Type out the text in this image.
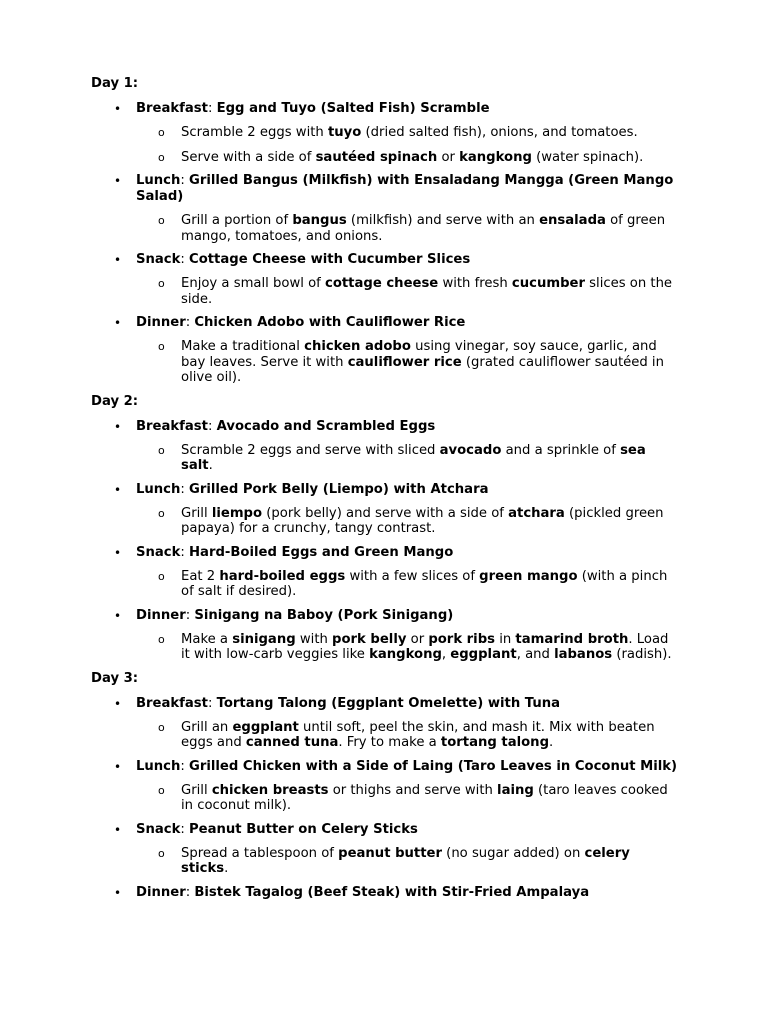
Day 1:
• Breakfast: Egg and Tuyo (Salted Fish) Scramble
o Scramble 2 eggs with tuyo (dried salted fish), onions, and tomatoes.
o Serve with a side of sautéed spinach or kangkong (water spinach).
• Lunch: Grilled Bangus (Milkfish) with Ensaladang Mangga (Green Mango Salad)
o Grill a portion of bangus (milkfish) and serve with an ensalada of green mango, tomatoes, and onions.
• Snack: Cottage Cheese with Cucumber Slices
o Enjoy a small bowl of cottage cheese with fresh cucumber slices on the side.
• Dinner: Chicken Adobo with Cauliflower Rice
o Make a traditional chicken adobo using vinegar, soy sauce, garlic, and bay leaves. Serve it with cauliflower rice (grated cauliflower sautéed in olive oil).
Day 2:
• Breakfast: Avocado and Scrambled Eggs
o Scramble 2 eggs and serve with sliced avocado and a sprinkle of sea salt.
• Lunch: Grilled Pork Belly (Liempo) with Atchara
o Grill liempo (pork belly) and serve with a side of atchara (pickled green papaya) for a crunchy, tangy contrast.
• Snack: Hard-Boiled Eggs and Green Mango
o Eat 2 hard-boiled eggs with a few slices of green mango (with a pinch of salt if desired).
• Dinner: Sinigang na Baboy (Pork Sinigang)
o Make a sinigang with pork belly or pork ribs in tamarind broth. Load it with low-carb veggies like kangkong, eggplant, and labanos (radish).
Day 3:
• Breakfast: Tortang Talong (Eggplant Omelette) with Tuna
o Grill an eggplant until soft, peel the skin, and mash it. Mix with beaten eggs and canned tuna. Fry to make a tortang talong.
• Lunch: Grilled Chicken with a Side of Laing (Taro Leaves in Coconut Milk)
o Grill chicken breasts or thighs and serve with laing (taro leaves cooked in coconut milk).
• Snack: Peanut Butter on Celery Sticks
o Spread a tablespoon of peanut butter (no sugar added) on celery sticks.
• Dinner: Bistek Tagalog (Beef Steak) with Stir-Fried Ampalaya
